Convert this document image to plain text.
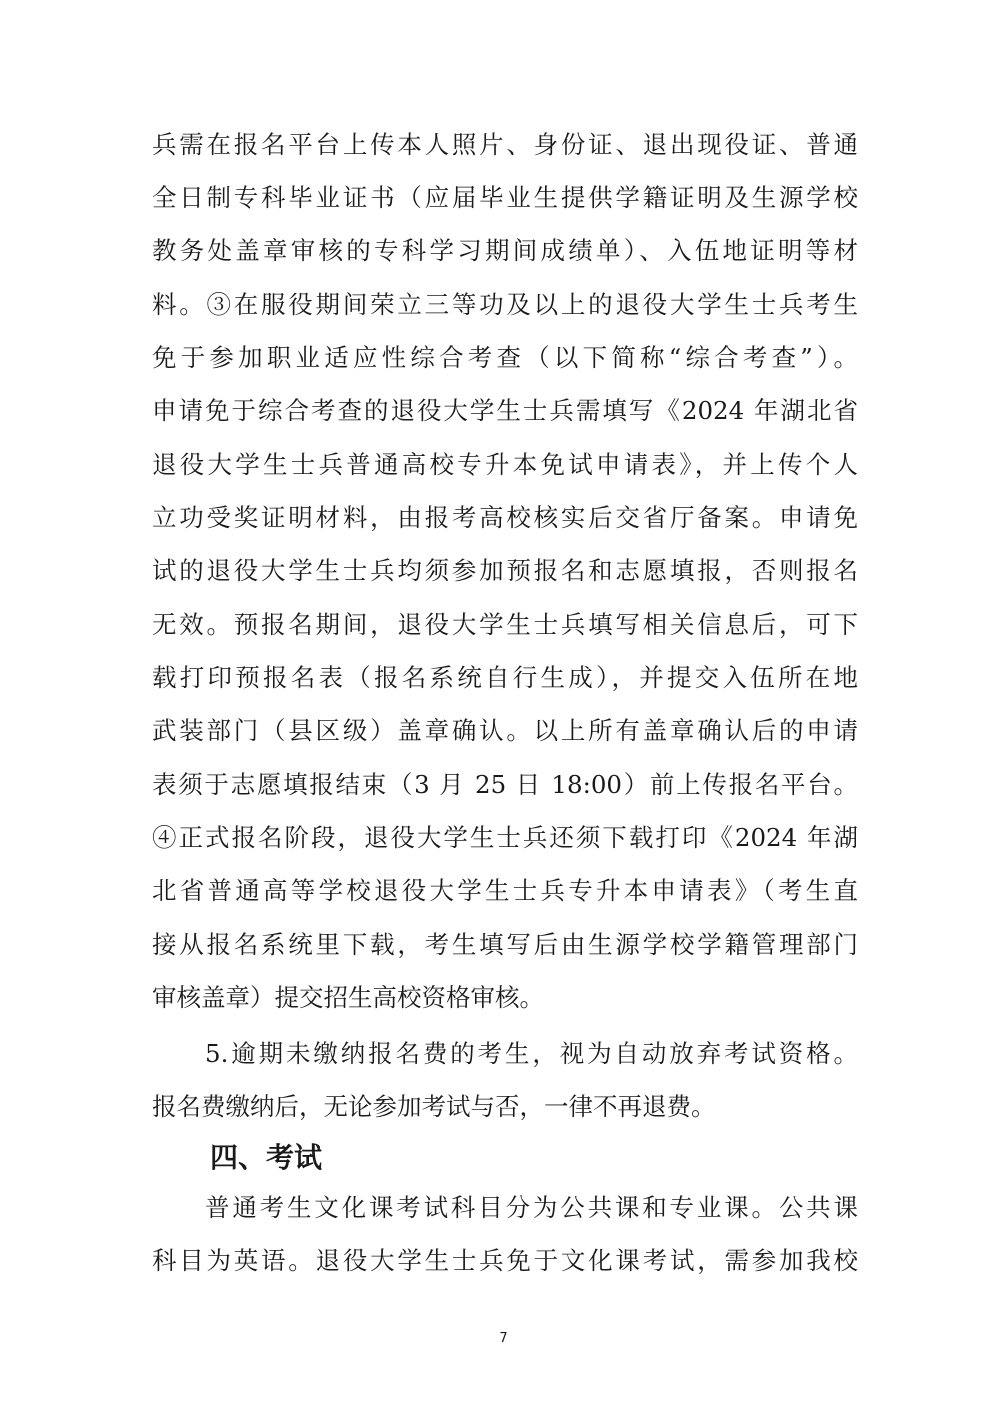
兵需在报名平台上传本人照片、身份证、退出现役证、普通
全日制专科毕业证书（应届毕业生提供学籍证明及生源学校
教务处盖章审核的专科学习期间成绩单）、入伍地证明等材
料。③在服役期间荣立三等功及以上的退役大学生士兵考生
免于参加职业适应性综合考查（以下简称“综合考查”）。
申请免于综合考查的退役大学生士兵需填写《2024 年湖北省
退役大学生士兵普通高校专升本免试申请表》，并上传个人
立功受奖证明材料，由报考高校核实后交省厅备案。申请免
试的退役大学生士兵均须参加预报名和志愿填报，否则报名
无效。预报名期间，退役大学生士兵填写相关信息后，可下
载打印预报名表（报名系统自行生成），并提交入伍所在地
武装部门（县区级）盖章确认。以上所有盖章确认后的申请
表须于志愿填报结束（3 月 25 日 18:00）前上传报名平台。
④正式报名阶段，退役大学生士兵还须下载打印《2024 年湖
北省普通高等学校退役大学生士兵专升本申请表》（考生直
接从报名系统里下载，考生填写后由生源学校学籍管理部门
审核盖章）提交招生高校资格审核。
5.逾期未缴纳报名费的考生，视为自动放弃考试资格。
报名费缴纳后，无论参加考试与否，一律不再退费。
四、考试
普通考生文化课考试科目分为公共课和专业课。公共课
科目为英语。退役大学生士兵免于文化课考试，需参加我校
7
